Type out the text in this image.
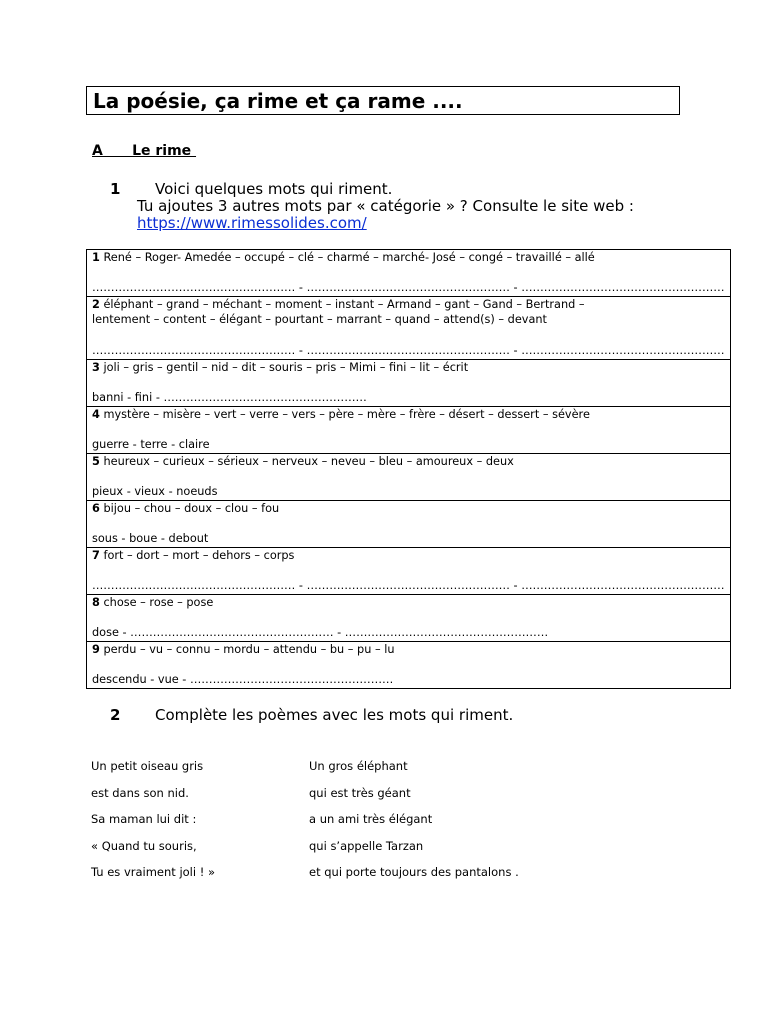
La poésie, ça rime et ça rame ....
A      Le rime
1 Voici quelques mots qui riment.
Tu ajoutes 3 autres mots par « catégorie » ? Consulte le site web :
https://www.rimessolides.com/
1 René – Roger- Amedée – occupé – clé – charmé – marché- José – congé – travaillé – allé
……………………………………………… - ……………………………………………… - ………………………………………………

2 éléphant – grand – méchant – moment – instant – Armand – gant – Gand – Bertrand –
lentement – content – élégant – pourtant – marrant – quand – attend(s) – devant
……………………………………………… - ……………………………………………… - ………………………………………………

3 joli – gris – gentil – nid – dit – souris – pris – Mimi – fini – lit – écrit
banni - fini - ………………………………………………

4 mystère – misère – vert – verre – vers – père – mère – frère – désert – dessert – sévère
guerre - terre - claire

5 heureux – curieux – sérieux – nerveux – neveu – bleu – amoureux – deux
pieux - vieux - noeuds

6 bijou – chou – doux – clou – fou
sous - boue - debout

7 fort – dort – mort – dehors – corps
……………………………………………… - ……………………………………………… - ………………………………………………

8 chose – rose – pose
dose - ……………………………………………… - ………………………………………………

9 perdu – vu – connu – mordu – attendu – bu – pu – lu
descendu - vue - ………………………………………………
2 Complète les poèmes avec les mots qui riment.
Un petit oiseau gris
est dans son nid.
Sa maman lui dit :
« Quand tu souris,
Tu es vraiment joli ! »
Un gros éléphant
qui est très géant
a un ami très élégant
qui s’appelle Tarzan
et qui porte toujours des pantalons .
